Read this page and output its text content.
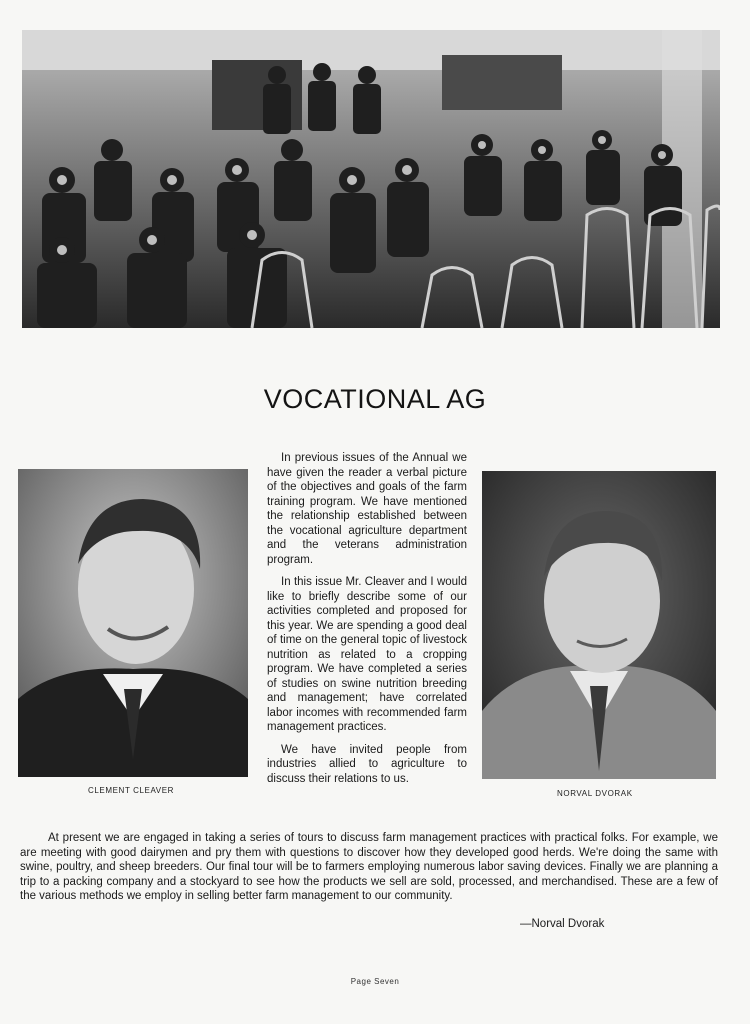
VOCATIONAL AG
CLEMENT CLEAVER

In previous issues of the Annual we have given the reader a verbal picture of the objectives and goals of the farm training program. We have mentioned the relationship established between the vocational agriculture department and the veterans administration program.

In this issue Mr. Cleaver and I would like to briefly describe some of our activities completed and proposed for this year. We are spending a good deal of time on the general topic of livestock nutrition as related to a cropping program. We have completed a series of studies on swine nutrition breeding and management; have correlated labor incomes with recommended farm management practices.

We have invited people from industries allied to agriculture to discuss their relations to us.

NORVAL DVORAK

At present we are engaged in taking a series of tours to discuss farm management practices with practical folks. For example, we are meeting with good dairymen and pry them with questions to discover how they developed good herds. We're doing the same with swine, poultry, and sheep breeders. Our final tour will be to farmers employing numerous labor saving devices. Finally we are planning a trip to a packing company and a stockyard to see how the products we sell are sold, processed, and merchandised. These are a few of the various methods we employ in selling better farm management to our community.

—Norval Dvorak
Page Seven
